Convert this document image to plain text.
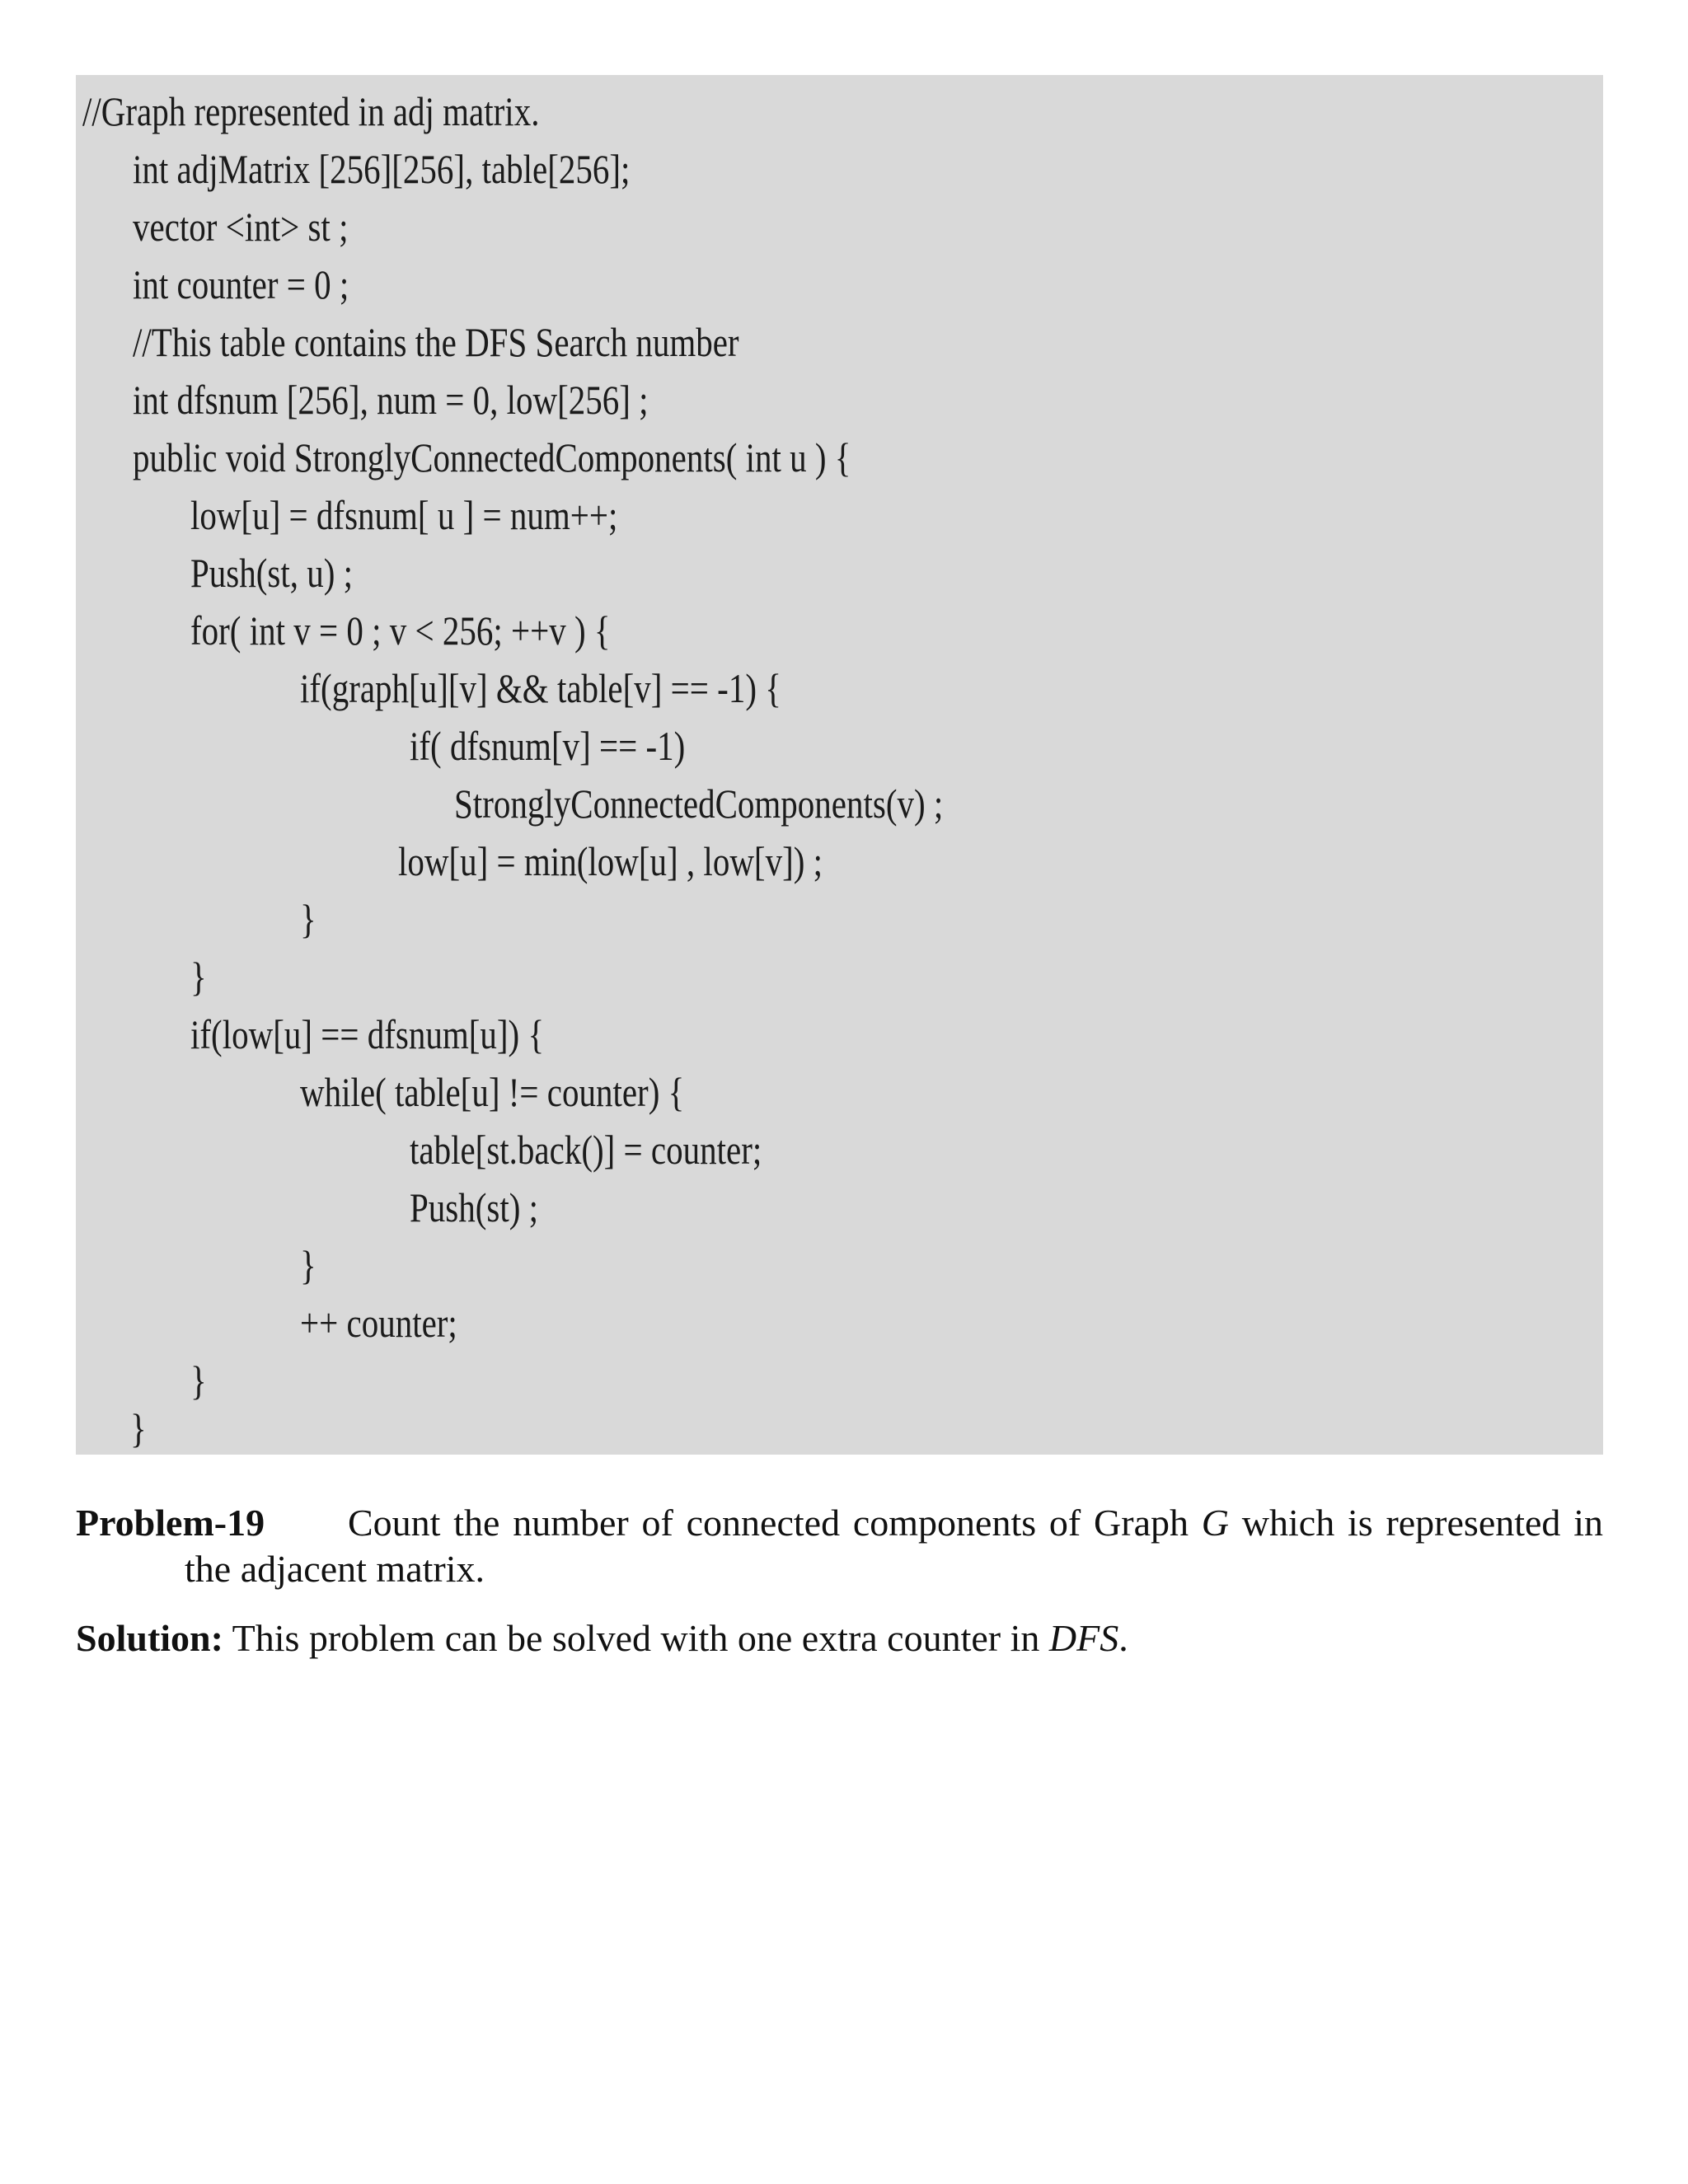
//Graph represented in adj matrix.
int adjMatrix [256][256], table[256];
vector <int> st ;
int counter = 0 ;
//This table contains the DFS Search number
int dfsnum [256], num = 0, low[256] ;
public void StronglyConnectedComponents( int u ) {
low[u] = dfsnum[ u ] = num++;
Push(st, u) ;
for( int v = 0 ; v < 256; ++v ) {
if(graph[u][v] && table[v] == -1) {
if( dfsnum[v] == -1)
StronglyConnectedComponents(v) ;
low[u] = min(low[u] , low[v]) ;
}
}
if(low[u] == dfsnum[u]) {
while( table[u] != counter) {
table[st.back()] = counter;
Push(st) ;
}
++ counter;
}
}
Problem-19	Count the number of connected components of Graph G which is represented in
the adjacent matrix.
Solution: This problem can be solved with one extra counter in DFS.
